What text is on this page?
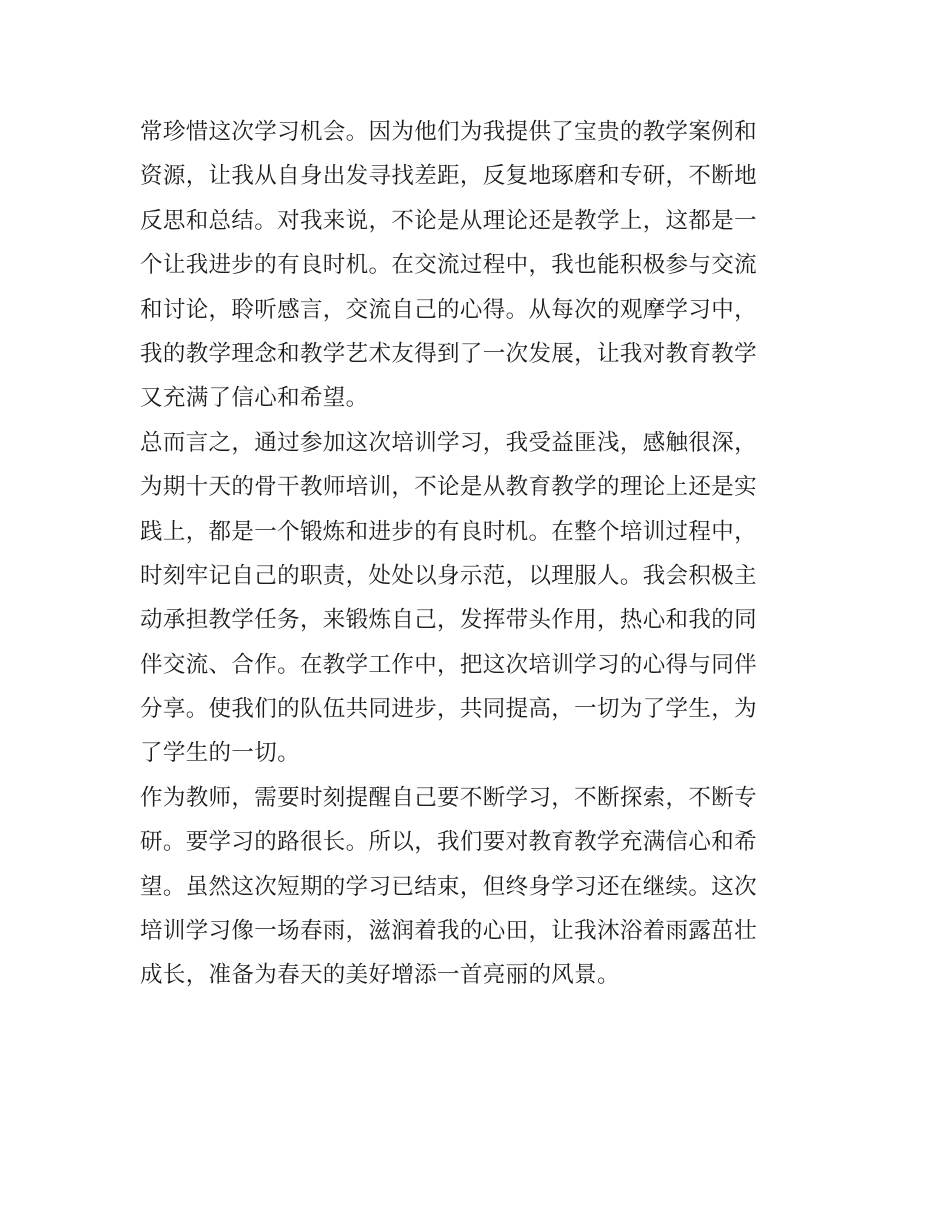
常珍惜这次学习机会。因为他们为我提供了宝贵的教学案例和
资源，让我从自身出发寻找差距，反复地琢磨和专研，不断地
反思和总结。对我来说，不论是从理论还是教学上，这都是一
个让我进步的有良时机。在交流过程中，我也能积极参与交流
和讨论，聆听感言，交流自己的心得。从每次的观摩学习中，
我的教学理念和教学艺术友得到了一次发展，让我对教育教学
又充满了信心和希望。
总而言之，通过参加这次培训学习，我受益匪浅，感触很深，
为期十天的骨干教师培训，不论是从教育教学的理论上还是实
践上，都是一个锻炼和进步的有良时机。在整个培训过程中，
时刻牢记自己的职责，处处以身示范，以理服人。我会积极主
动承担教学任务，来锻炼自己，发挥带头作用，热心和我的同
伴交流、合作。在教学工作中，把这次培训学习的心得与同伴
分享。使我们的队伍共同进步，共同提高，一切为了学生，为
了学生的一切。
作为教师，需要时刻提醒自己要不断学习，不断探索，不断专
研。要学习的路很长。所以，我们要对教育教学充满信心和希
望。虽然这次短期的学习已结束，但终身学习还在继续。这次
培训学习像一场春雨，滋润着我的心田，让我沐浴着雨露茁壮
成长，准备为春天的美好增添一首亮丽的风景。
